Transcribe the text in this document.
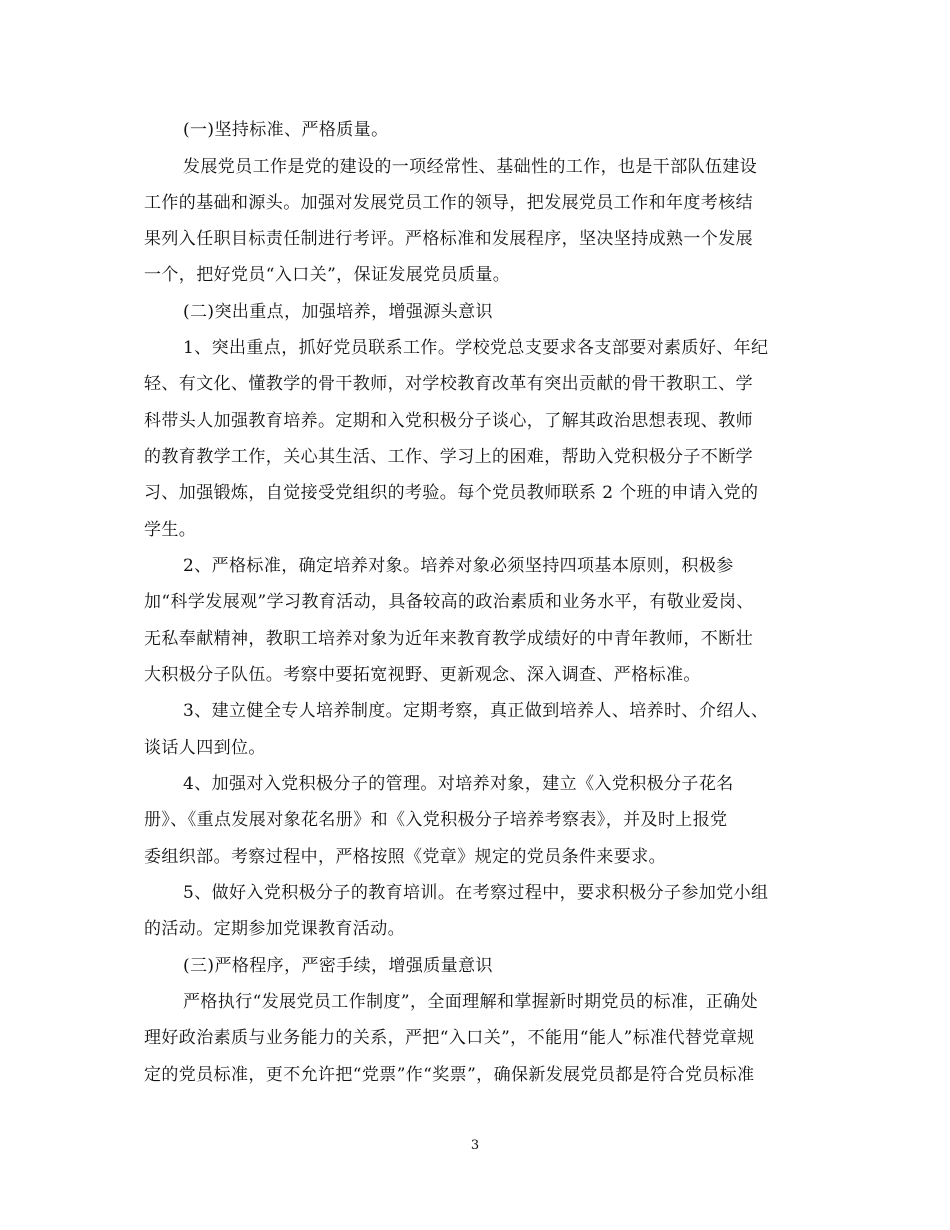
(一)坚持标准、严格质量。
发展党员工作是党的建设的一项经常性、基础性的工作，也是干部队伍建设
工作的基础和源头。加强对发展党员工作的领导，把发展党员工作和年度考核结
果列入任职目标责任制进行考评。严格标准和发展程序，坚决坚持成熟一个发展
一个，把好党员“入口关”，保证发展党员质量。
(二)突出重点，加强培养，增强源头意识
1、突出重点，抓好党员联系工作。学校党总支要求各支部要对素质好、年纪
轻、有文化、懂教学的骨干教师，对学校教育改革有突出贡献的骨干教职工、学
科带头人加强教育培养。定期和入党积极分子谈心，了解其政治思想表现、教师
的教育教学工作，关心其生活、工作、学习上的困难，帮助入党积极分子不断学
习、加强锻炼，自觉接受党组织的考验。每个党员教师联系 2 个班的申请入党的
学生。
2、严格标准，确定培养对象。培养对象必须坚持四项基本原则，积极参
加“科学发展观”学习教育活动，具备较高的政治素质和业务水平，有敬业爱岗、
无私奉献精神，教职工培养对象为近年来教育教学成绩好的中青年教师，不断壮
大积极分子队伍。考察中要拓宽视野、更新观念、深入调查、严格标准。
3、建立健全专人培养制度。定期考察，真正做到培养人、培养时、介绍人、
谈话人四到位。
4、加强对入党积极分子的管理。对培养对象，建立《入党积极分子花名
册》、《重点发展对象花名册》和《入党积极分子培养考察表》，并及时上报党
委组织部。考察过程中，严格按照《党章》规定的党员条件来要求。
5、做好入党积极分子的教育培训。在考察过程中，要求积极分子参加党小组
的活动。定期参加党课教育活动。
(三)严格程序，严密手续，增强质量意识
严格执行“发展党员工作制度”，全面理解和掌握新时期党员的标准，正确处
理好政治素质与业务能力的关系，严把“入口关”，不能用“能人”标准代替党章规
定的党员标准，更不允许把“党票”作“奖票”，确保新发展党员都是符合党员标准
3
